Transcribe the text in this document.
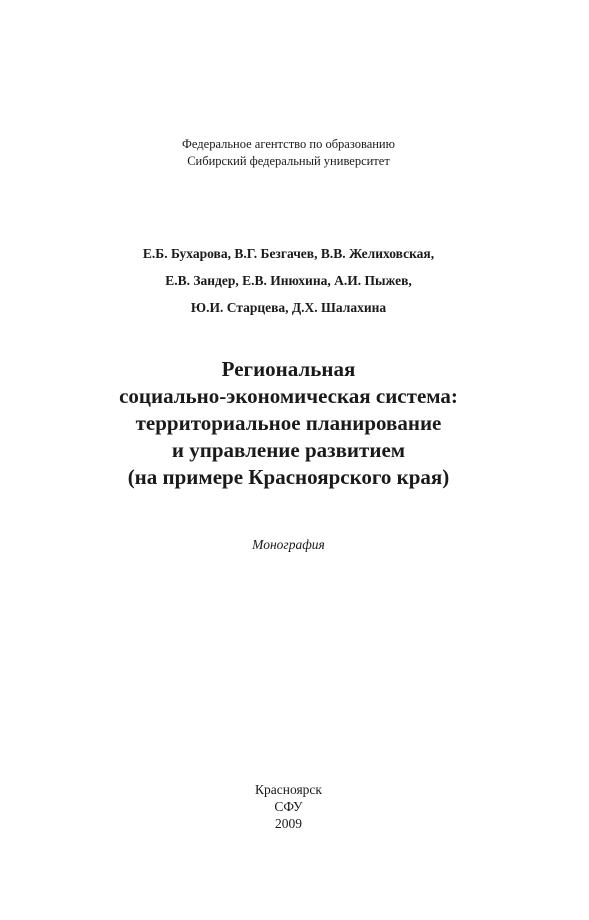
Федеральное агентство по образованию
Сибирский федеральный университет
Е.Б. Бухарова, В.Г. Безгачев, В.В. Желиховская,
Е.В. Зандер, Е.В. Инюхина, А.И. Пыжев,
Ю.И. Старцева, Д.Х. Шалахина
Региональная
социально-экономическая система:
территориальное планирование
и управление развитием
(на примере Красноярского края)
Монография
Красноярск
СФУ
2009
